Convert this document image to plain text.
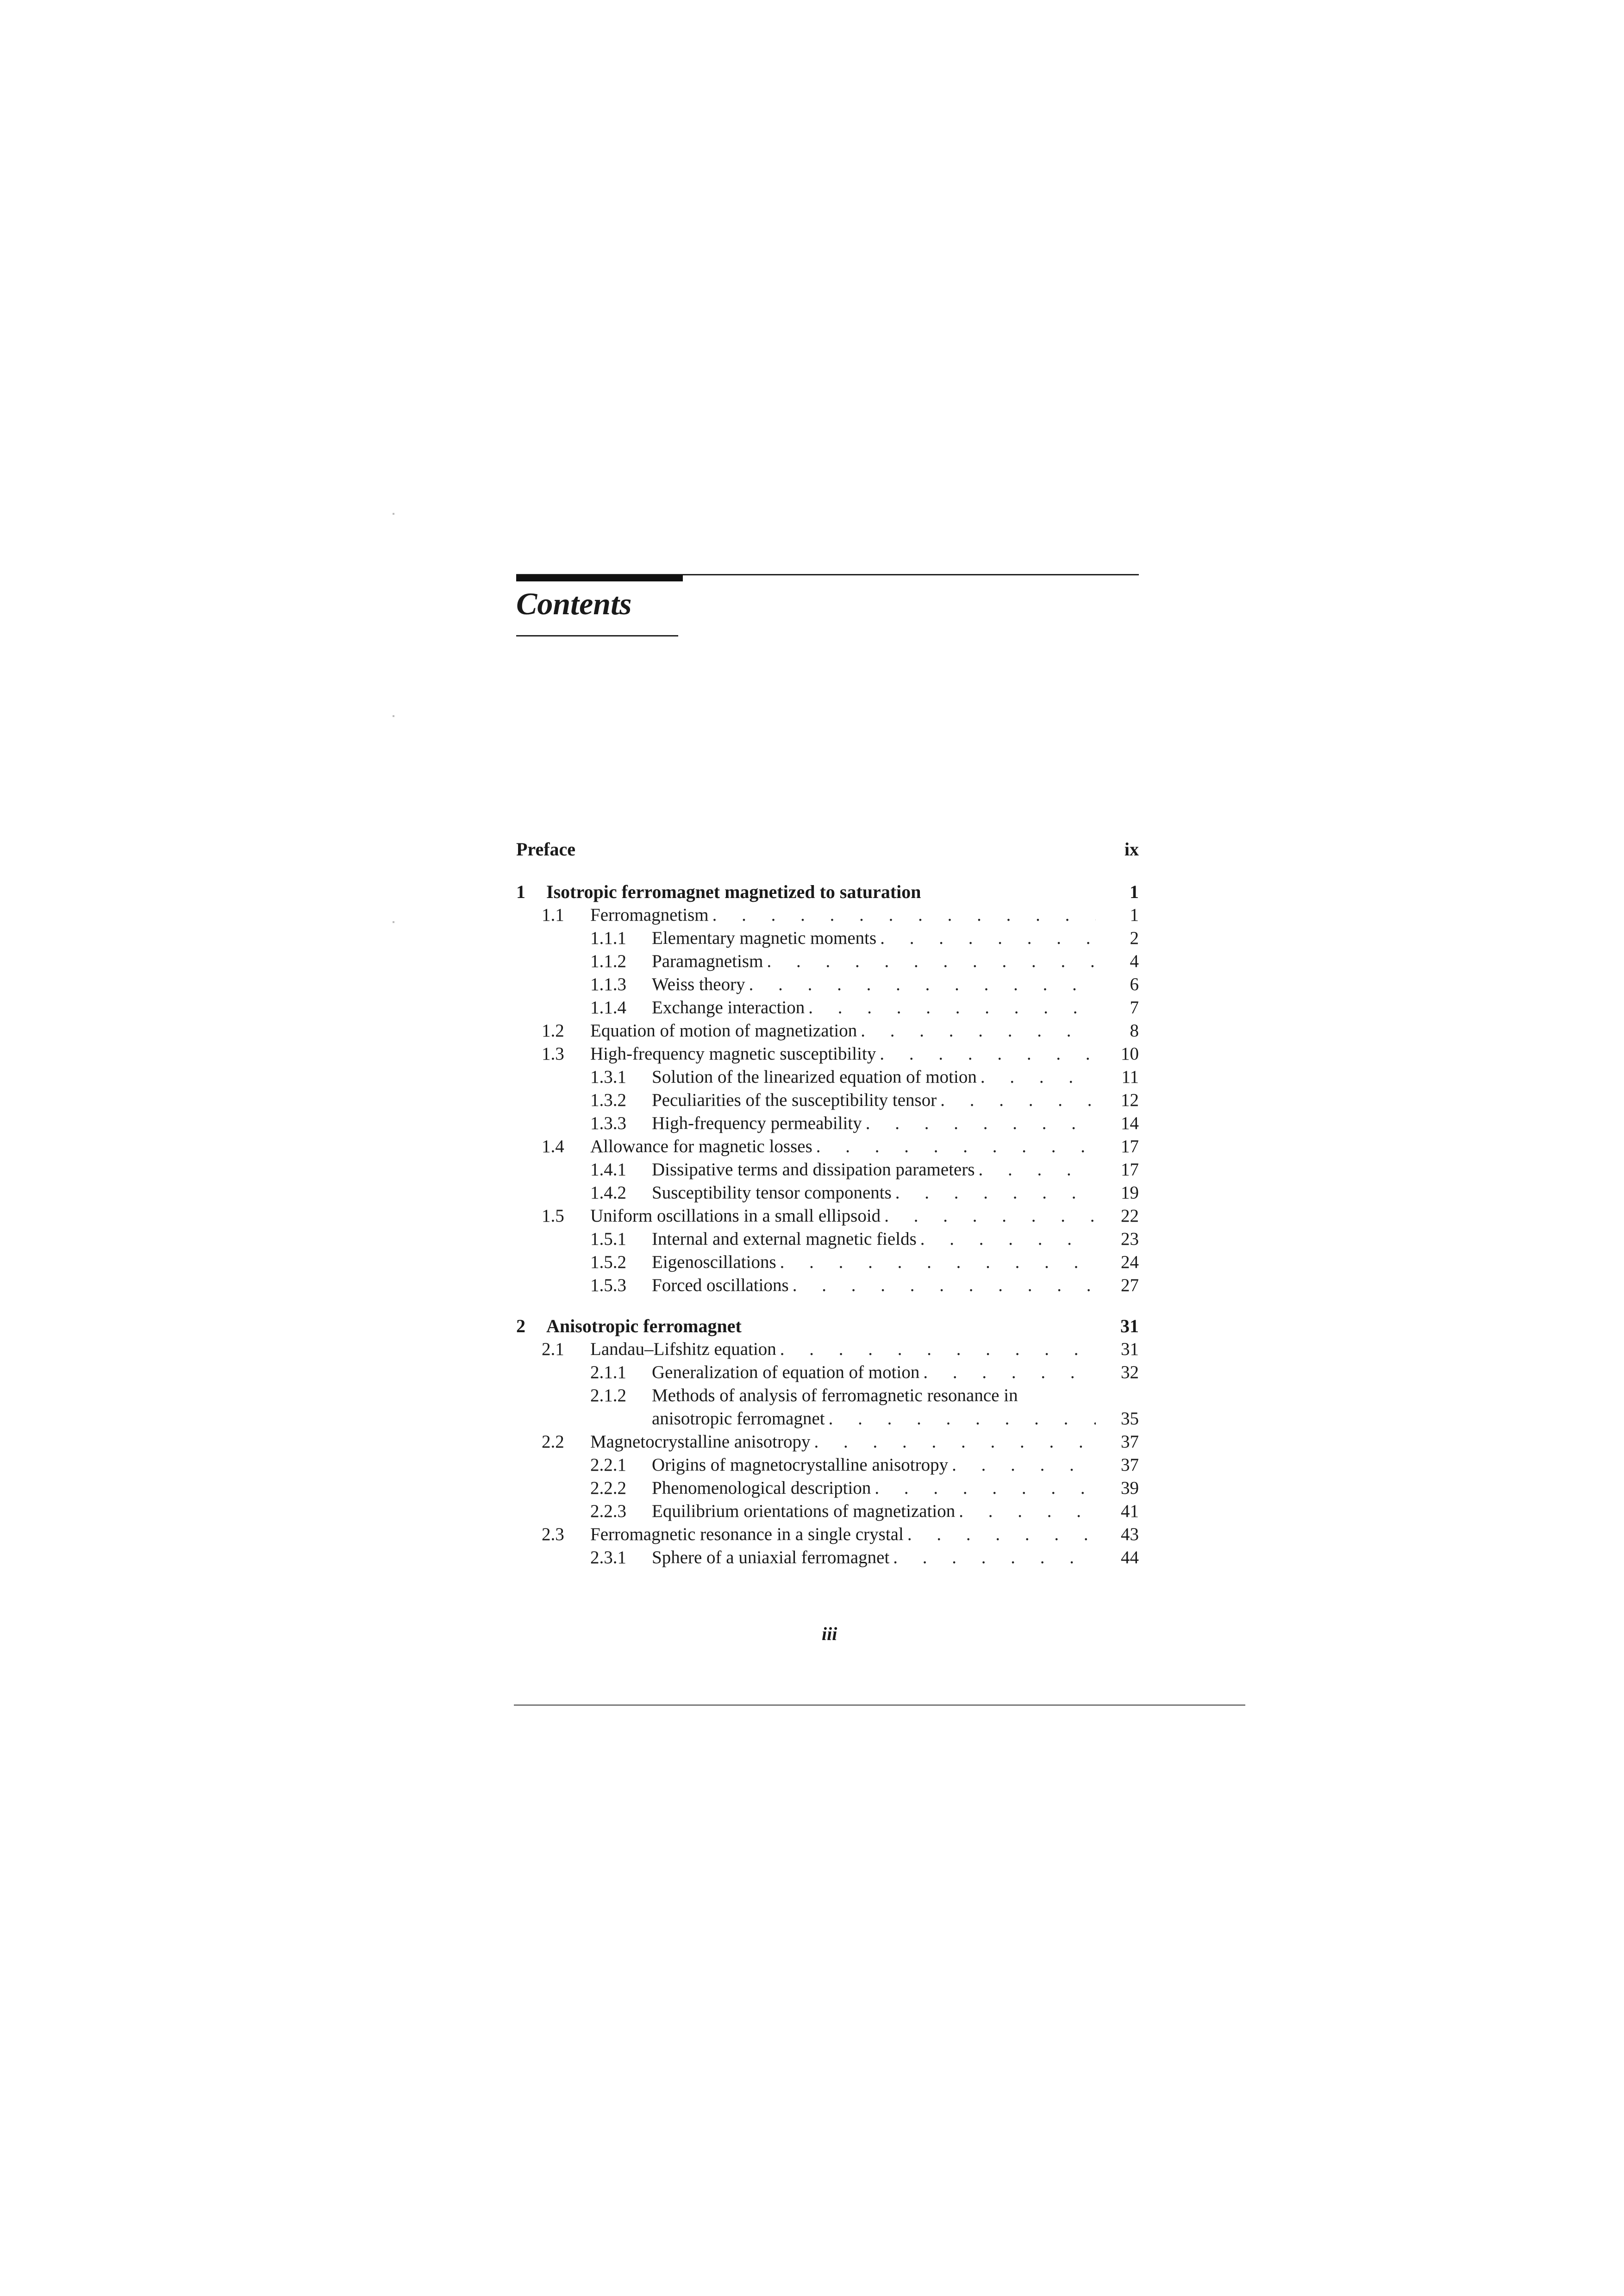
Contents
Preface	ix
1 Isotropic ferromagnet magnetized to saturation	1
1.1 Ferromagnetism . . .	1
1.1.1 Elementary magnetic moments . . .	2
1.1.2 Paramagnetism . . .	4
1.1.3 Weiss theory . . .	6
1.1.4 Exchange interaction . . .	7
1.2 Equation of motion of magnetization . . .	8
1.3 High-frequency magnetic susceptibility . . .	10
1.3.1 Solution of the linearized equation of motion . . .	11
1.3.2 Peculiarities of the susceptibility tensor . . .	12
1.3.3 High-frequency permeability . . .	14
1.4 Allowance for magnetic losses . . .	17
1.4.1 Dissipative terms and dissipation parameters . . .	17
1.4.2 Susceptibility tensor components . . .	19
1.5 Uniform oscillations in a small ellipsoid . . .	22
1.5.1 Internal and external magnetic fields . . .	23
1.5.2 Eigenoscillations . . .	24
1.5.3 Forced oscillations . . .	27
2 Anisotropic ferromagnet	31
2.1 Landau–Lifshitz equation . . .	31
2.1.1 Generalization of equation of motion . . .	32
2.1.2 Methods of analysis of ferromagnetic resonance in
anisotropic ferromagnet . . .	35
2.2 Magnetocrystalline anisotropy . . .	37
2.2.1 Origins of magnetocrystalline anisotropy . . .	37
2.2.2 Phenomenological description . . .	39
2.2.3 Equilibrium orientations of magnetization . . .	41
2.3 Ferromagnetic resonance in a single crystal . . .	43
2.3.1 Sphere of a uniaxial ferromagnet . . .	44
iii
